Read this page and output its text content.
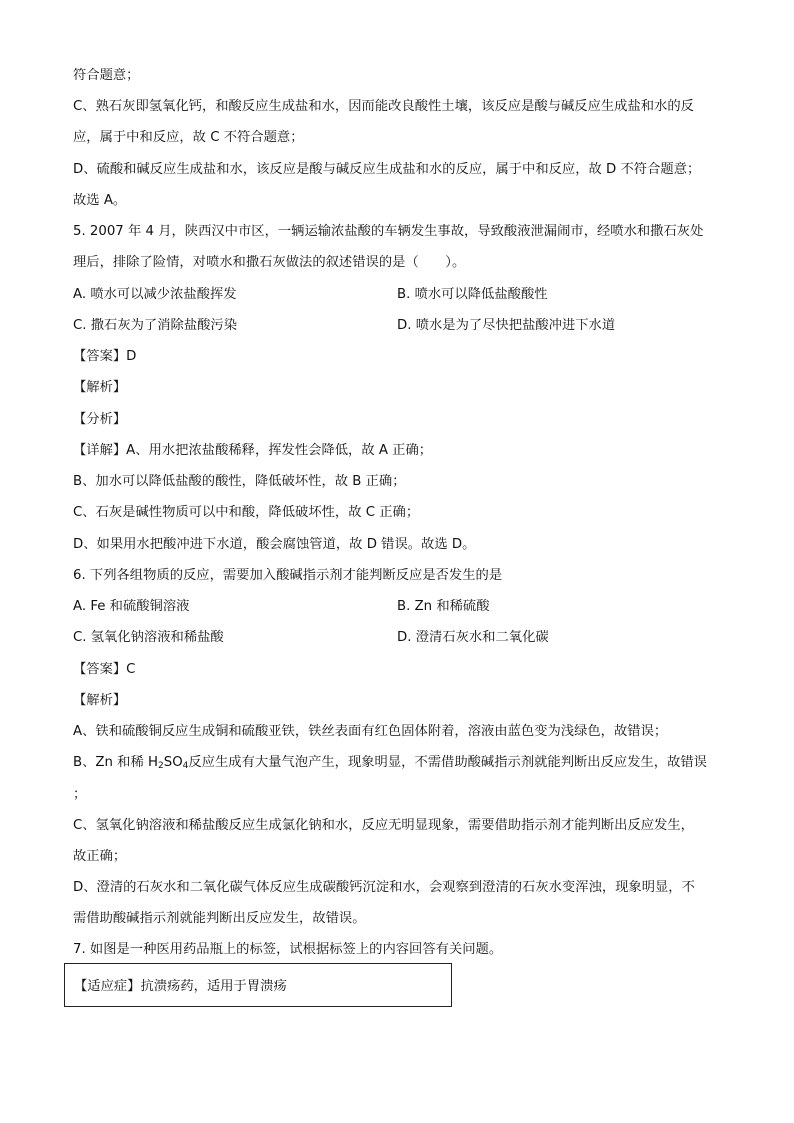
符合题意；
C、熟石灰即氢氧化钙，和酸反应生成盐和水，因而能改良酸性土壤，该反应是酸与碱反应生成盐和水的反
应，属于中和反应，故 C 不符合题意；
D、硫酸和碱反应生成盐和水，该反应是酸与碱反应生成盐和水的反应，属于中和反应，故 D 不符合题意；
故选 A。
5. 2007 年 4 月，陕西汉中市区，一辆运输浓盐酸的车辆发生事故，导致酸液泄漏闹市，经喷水和撒石灰处
理后，排除了险情，对喷水和撒石灰做法的叙述错误的是（　　）。
A. 喷水可以减少浓盐酸挥发	B. 喷水可以降低盐酸酸性
C. 撒石灰为了消除盐酸污染	D. 喷水是为了尽快把盐酸冲进下水道
【答案】D
【解析】
【分析】
【详解】A、用水把浓盐酸稀释，挥发性会降低，故 A 正确；
B、加水可以降低盐酸的酸性，降低破坏性，故 B 正确；
C、石灰是碱性物质可以中和酸，降低破坏性，故 C 正确；
D、如果用水把酸冲进下水道，酸会腐蚀管道，故 D 错误。故选 D。
6. 下列各组物质的反应，需要加入酸碱指示剂才能判断反应是否发生的是
A. Fe 和硫酸铜溶液	B. Zn 和稀硫酸
C. 氢氧化钠溶液和稀盐酸	D. 澄清石灰水和二氧化碳
【答案】C
【解析】
A、铁和硫酸铜反应生成铜和硫酸亚铁，铁丝表面有红色固体附着，溶液由蓝色变为浅绿色，故错误；
B、Zn 和稀 $H_2SO_4$反应生成有大量气泡产生，现象明显，不需借助酸碱指示剂就能判断出反应发生，故错误
；
C、氢氧化钠溶液和稀盐酸反应生成氯化钠和水，反应无明显现象，需要借助指示剂才能判断出反应发生，
故正确；
D、澄清的石灰水和二氧化碳气体反应生成碳酸钙沉淀和水，会观察到澄清的石灰水变浑浊，现象明显，不
需借助酸碱指示剂就能判断出反应发生，故错误。
7. 如图是一种医用药品瓶上的标签，试根据标签上的内容回答有关问题。
【适应症】抗溃疡药，适用于胃溃疡
